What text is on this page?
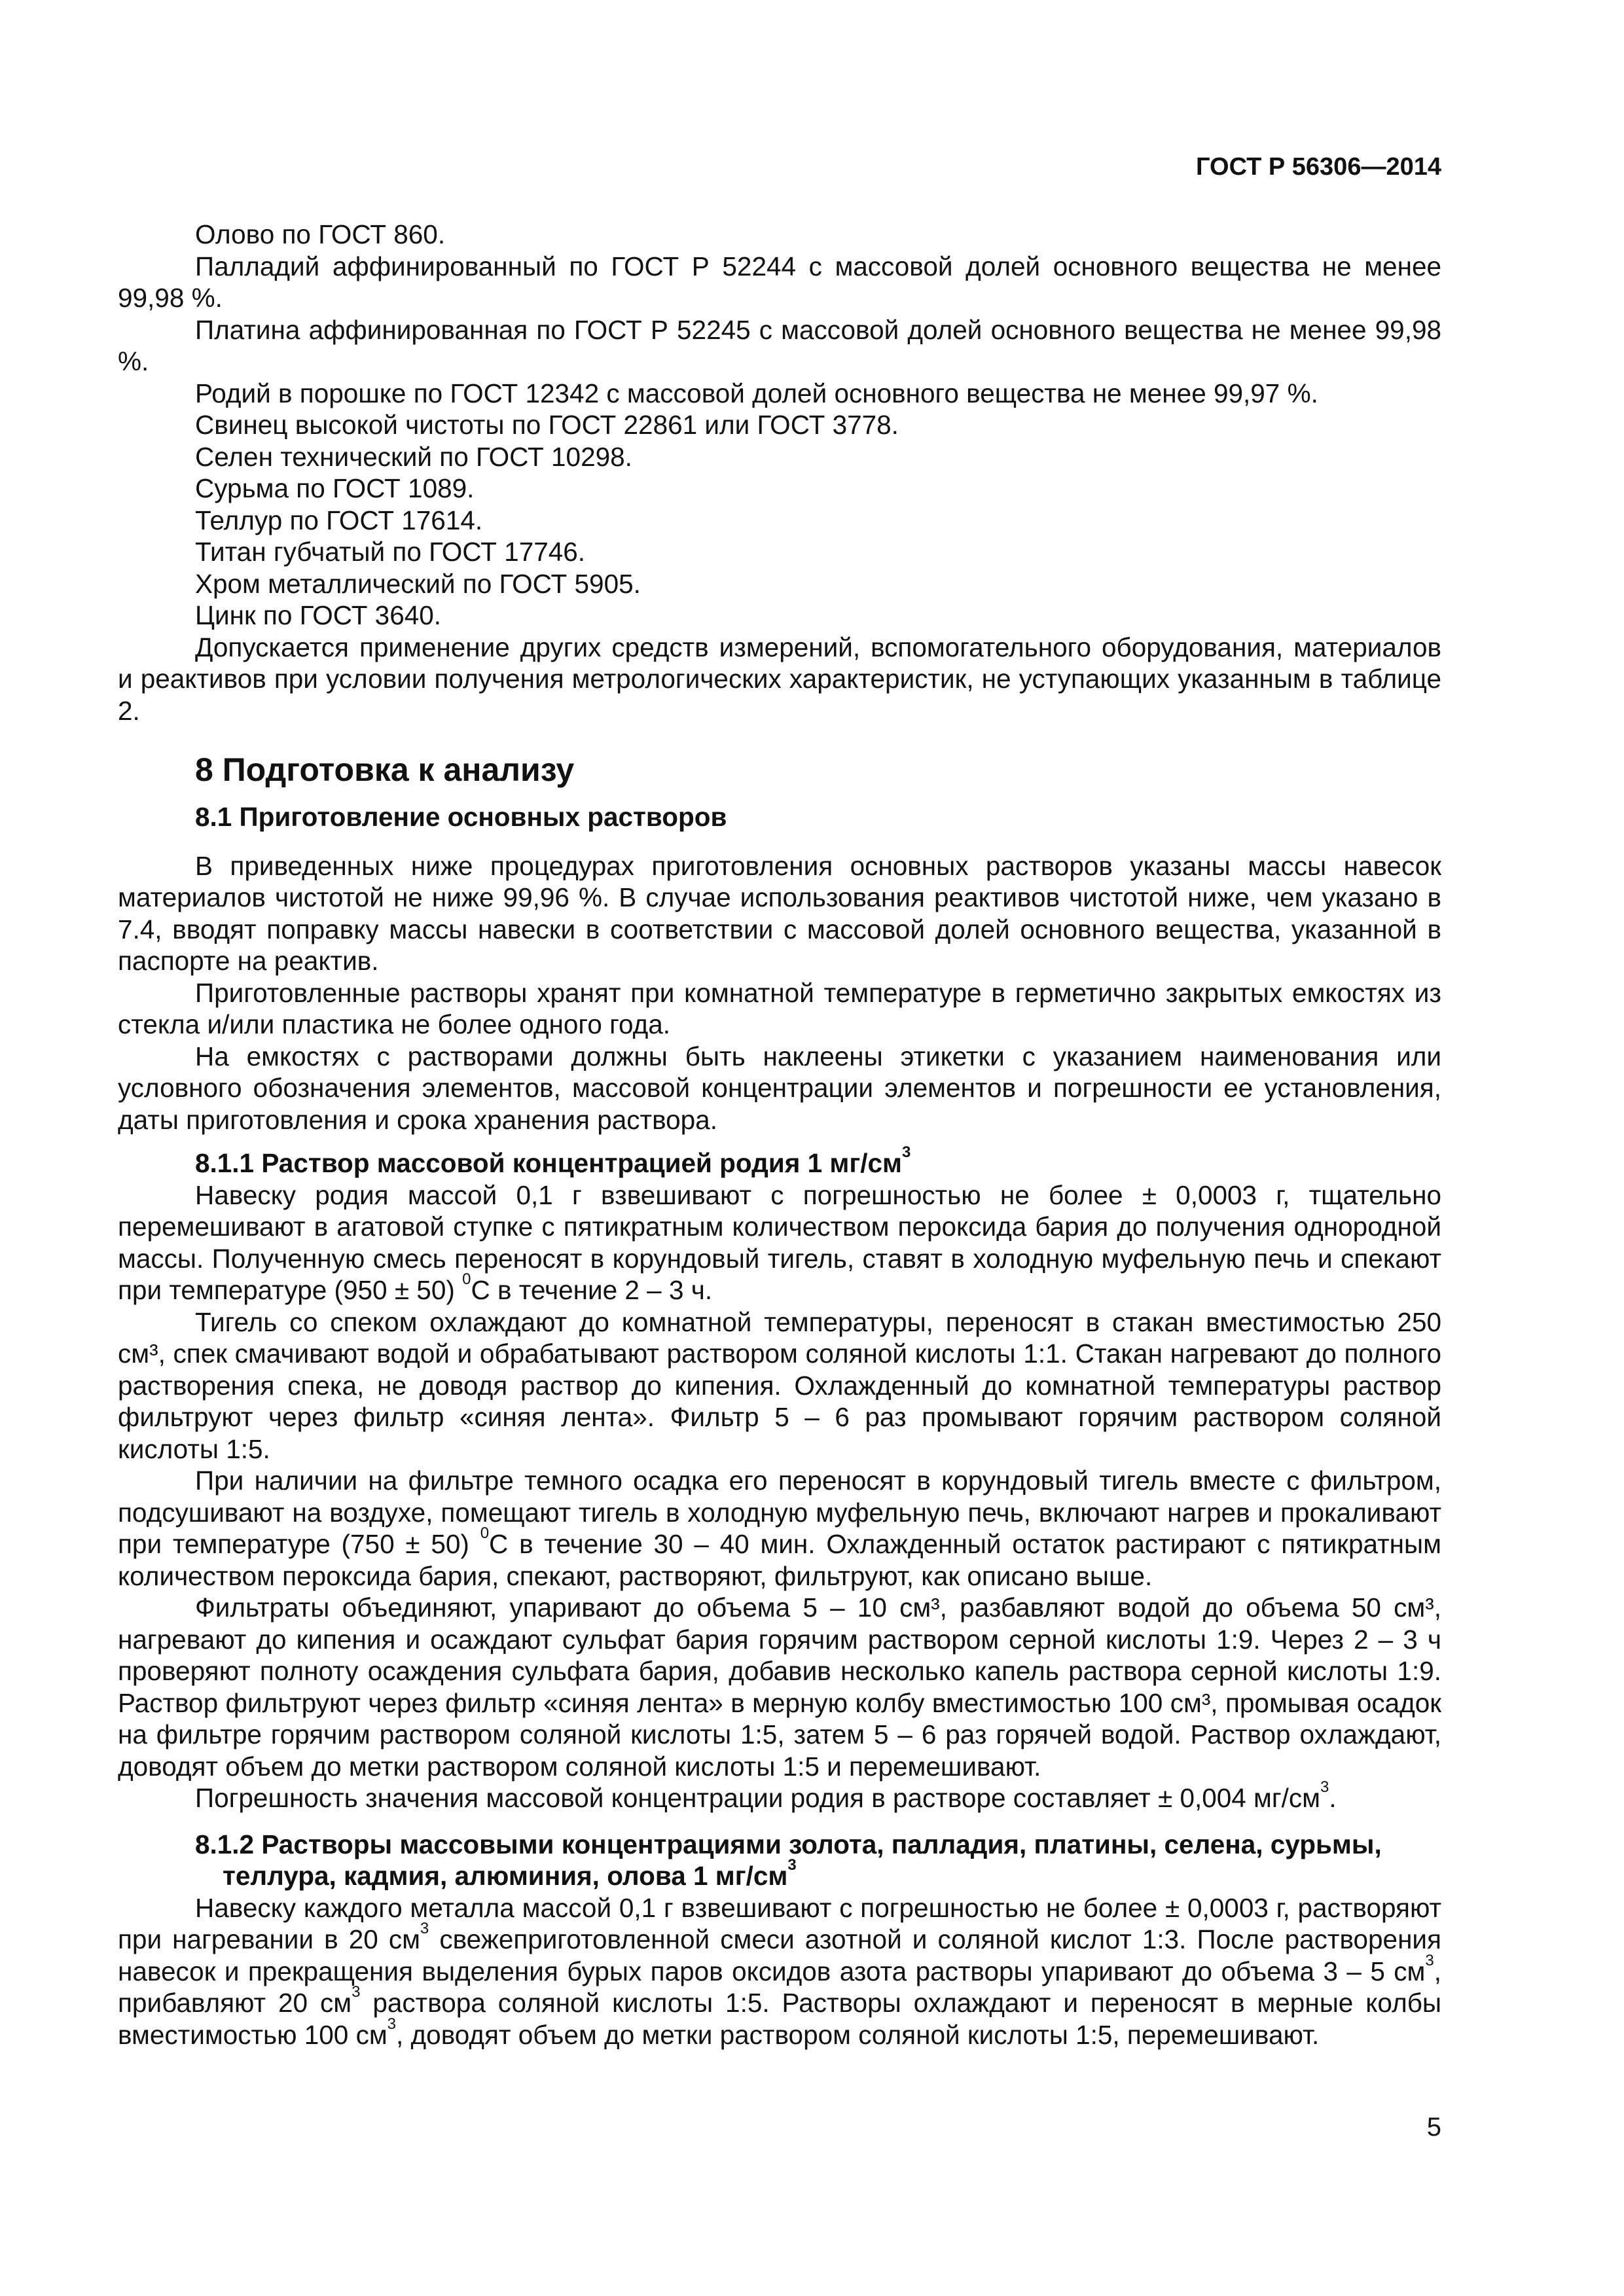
ГОСТ Р 56306—2014

Олово по ГОСТ 860.

Палладий аффинированный по ГОСТ Р 52244 с массовой долей основного вещества не менее 99,98 %.

Платина аффинированная по ГОСТ Р 52245 с массовой долей основного вещества не менее 99,98 %.

Родий в порошке по ГОСТ 12342 с массовой долей основного вещества не менее 99,97 %.

Свинец высокой чистоты по ГОСТ 22861 или ГОСТ 3778.

Селен технический по ГОСТ 10298.

Сурьма по ГОСТ 1089.

Теллур по ГОСТ 17614.

Титан губчатый по ГОСТ 17746.

Хром металлический по ГОСТ 5905.

Цинк по ГОСТ 3640.

Допускается применение других средств измерений, вспомогательного оборудования, материалов и реактивов при условии получения метрологических характеристик, не уступающих указанным в таблице 2.

8 Подготовка к анализу
8.1 Приготовление основных растворов

В приведенных ниже процедурах приготовления основных растворов указаны массы навесок материалов чистотой не ниже 99,96 %. В случае использования реактивов чистотой ниже, чем указано в 7.4, вводят поправку массы навески в соответствии с массовой долей основного вещества, указанной в паспорте на реактив.

Приготовленные растворы хранят при комнатной температуре в герметично закрытых емкостях из стекла и/или пластика не более одного года.

На емкостях с растворами должны быть наклеены этикетки с указанием наименования или условного обозначения элементов, массовой концентрации элементов и погрешности ее установления, даты приготовления и срока хранения раствора.

8.1.1 Раствор массовой концентрацией родия 1 $мг/см^3$

Навеску родия массой 0,1 г взвешивают с погрешностью не более ± 0,0003 г, тщательно перемешивают в агатовой ступке с пятикратным количеством пероксида бария до получения однородной массы. Полученную смесь переносят в корундовый тигель, ставят в холодную муфельную печь и спекают при температуре (950 ± 50) $^0$С в течение 2 – 3 ч.

Тигель со спеком охлаждают до комнатной температуры, переносят в стакан вместимостью 250 см³, спек смачивают водой и обрабатывают раствором соляной кислоты 1:1. Стакан нагревают до полного растворения спека, не доводя раствор до кипения. Охлажденный до комнатной температуры раствор фильтруют через фильтр «синяя лента». Фильтр 5 – 6 раз промывают горячим раствором соляной кислоты 1:5.

При наличии на фильтре темного осадка его переносят в корундовый тигель вместе с фильтром, подсушивают на воздухе, помещают тигель в холодную муфельную печь, включают нагрев и прокаливают при температуре (750 ± 50) $^0$С в течение 30 – 40 мин. Охлажденный остаток растирают с пятикратным количеством пероксида бария, спекают, растворяют, фильтруют, как описано выше.

Фильтраты объединяют, упаривают до объема 5 – 10 см³, разбавляют водой до объема 50 см³, нагревают до кипения и осаждают сульфат бария горячим раствором серной кислоты 1:9. Через 2 – 3 ч проверяют полноту осаждения сульфата бария, добавив несколько капель раствора серной кислоты 1:9. Раствор фильтруют через фильтр «синяя лента» в мерную колбу вместимостью 100 см³, промывая осадок на фильтре горячим раствором соляной кислоты 1:5, затем 5 – 6 раз горячей водой. Раствор охлаждают, доводят объем до метки раствором соляной кислоты 1:5 и перемешивают.

Погрешность значения массовой концентрации родия в растворе составляет ± 0,004 $мг/см^3$.

8.1.2 Растворы массовыми концентрациями золота, палладия, платины, селена, сурьмы,
теллура, кадмия, алюминия, олова 1 $мг/см^3$

Навеску каждого металла массой 0,1 г взвешивают с погрешностью не более ± 0,0003 г, растворяют при нагревании в 20 $см^3$ свежеприготовленной смеси азотной и соляной кислот 1:3. После растворения навесок и прекращения выделения бурых паров оксидов азота растворы упаривают до объема 3 – 5 $см^3$, прибавляют 20 $см^3$ раствора соляной кислоты 1:5. Растворы охлаждают и переносят в мерные колбы вместимостью 100 $см^3$, доводят объем до метки раствором соляной кислоты 1:5, перемешивают.

5
